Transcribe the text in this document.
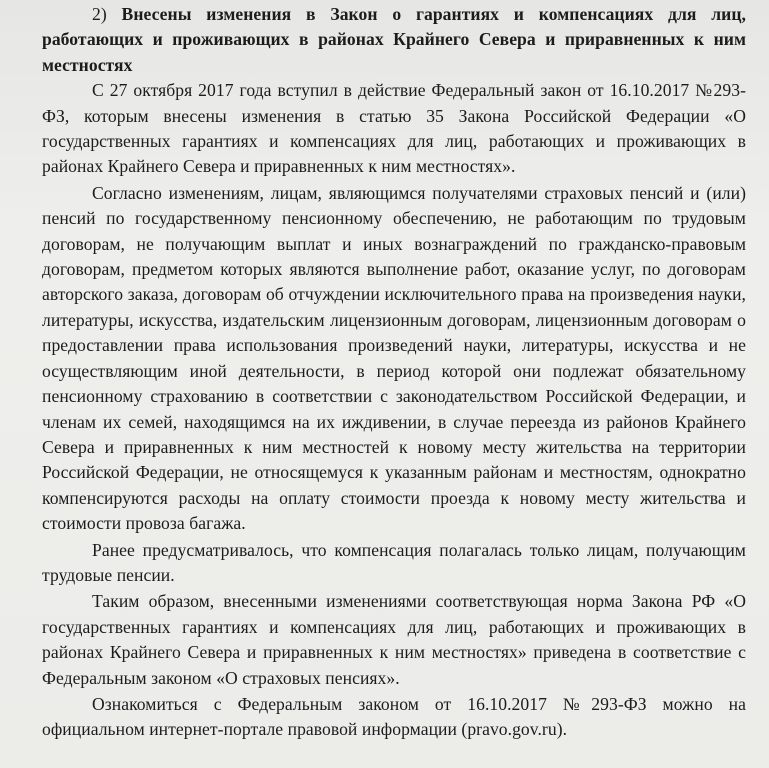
2) Внесены изменения в Закон о гарантиях и компенсациях для лиц, работающих и проживающих в районах Крайнего Севера и приравненных к ним местностях

С 27 октября 2017 года вступил в действие Федеральный закон от 16.10.2017 №293-ФЗ, которым внесены изменения в статью 35 Закона Российской Федерации «О государственных гарантиях и компенсациях для лиц, работающих и проживающих в районах Крайнего Севера и приравненных к ним местностях».

Согласно изменениям, лицам, являющимся получателями страховых пенсий и (или) пенсий по государственному пенсионному обеспечению, не работающим по трудовым договорам, не получающим выплат и иных вознаграждений по гражданско-правовым договорам, предметом которых являются выполнение работ, оказание услуг, по договорам авторского заказа, договорам об отчуждении исключительного права на произведения науки, литературы, искусства, издательским лицензионным договорам, лицензионным договорам о предоставлении права использования произведений науки, литературы, искусства и не осуществляющим иной деятельности, в период которой они подлежат обязательному пенсионному страхованию в соответствии с законодательством Российской Федерации, и членам их семей, находящимся на их иждивении, в случае переезда из районов Крайнего Севера и приравненных к ним местностей к новому месту жительства на территории Российской Федерации, не относящемуся к указанным районам и местностям, однократно компенсируются расходы на оплату стоимости проезда к новому месту жительства и стоимости провоза багажа.

Ранее предусматривалось, что компенсация полагалась только лицам, получающим трудовые пенсии.

Таким образом, внесенными изменениями соответствующая норма Закона РФ «О государственных гарантиях и компенсациях для лиц, работающих и проживающих в районах Крайнего Севера и приравненных к ним местностях» приведена в соответствие с Федеральным законом «О страховых пенсиях».

Ознакомиться с Федеральным законом от 16.10.2017 №293-ФЗ можно на официальном интернет-портале правовой информации (pravo.gov.ru).
